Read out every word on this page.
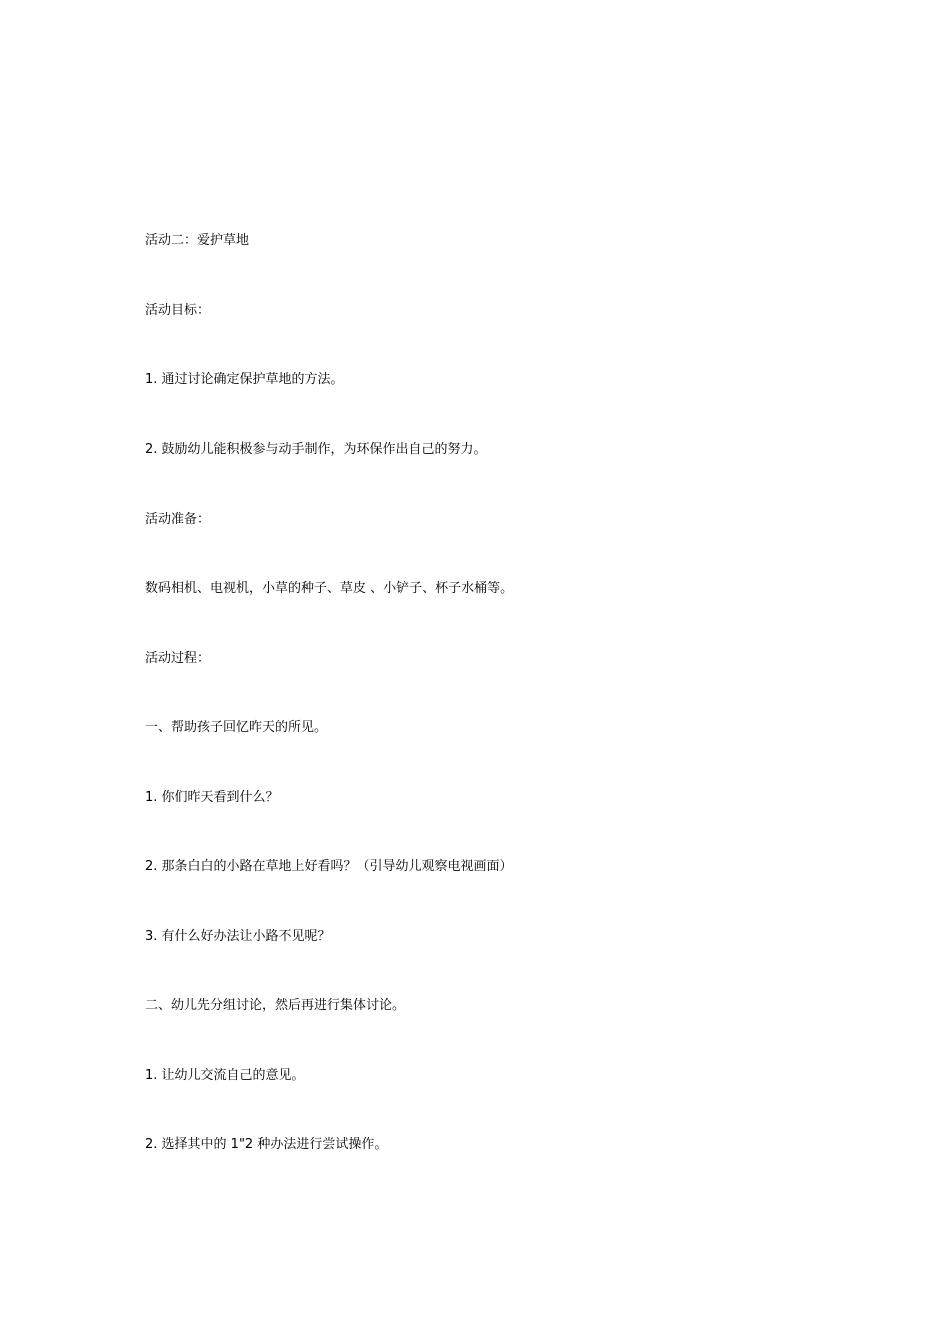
活动二：爱护草地
活动目标：
1. 通过讨论确定保护草地的方法。
2. 鼓励幼儿能积极参与动手制作，为环保作出自己的努力。
活动准备：
数码相机、电视机，小草的种子、草皮 、小铲子、杯子水桶等。
活动过程：
一、帮助孩子回忆昨天的所见。
1. 你们昨天看到什么？
2. 那条白白的小路在草地上好看吗？（引导幼儿观察电视画面）
3. 有什么好办法让小路不见呢？
二、幼儿先分组讨论，然后再进行集体讨论。
1. 让幼儿交流自己的意见。
2. 选择其中的 1"2 种办法进行尝试操作。
